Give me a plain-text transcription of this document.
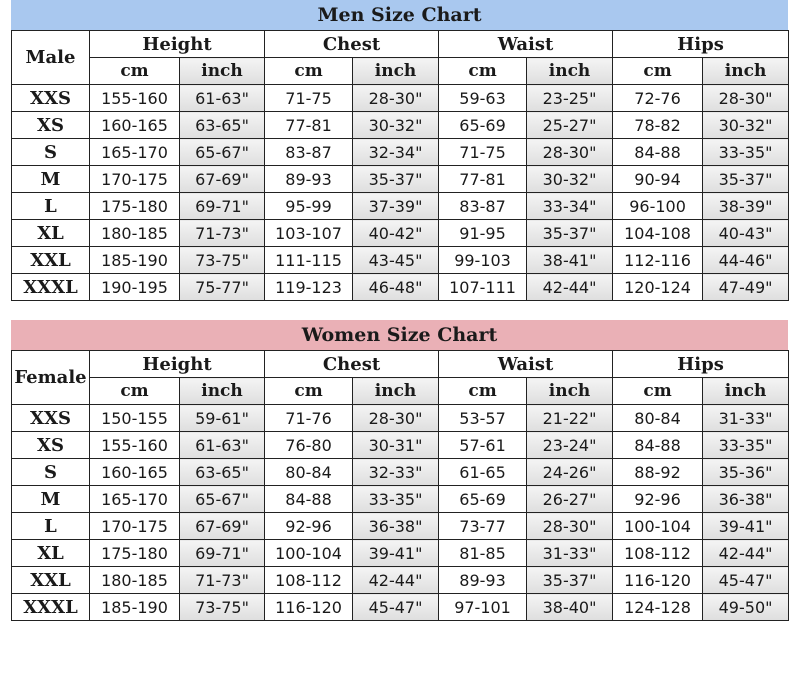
Men Size Chart
Male	Height		Chest		Waist		Hips	
	cm	inch	cm	inch	cm	inch	cm	inch
XXS	155-160	61-63"	71-75	28-30"	59-63	23-25"	72-76	28-30"
XS	160-165	63-65"	77-81	30-32"	65-69	25-27"	78-82	30-32"
S	165-170	65-67"	83-87	32-34"	71-75	28-30"	84-88	33-35"
M	170-175	67-69"	89-93	35-37"	77-81	30-32"	90-94	35-37"
L	175-180	69-71"	95-99	37-39"	83-87	33-34"	96-100	38-39"
XL	180-185	71-73"	103-107	40-42"	91-95	35-37"	104-108	40-43"
XXL	185-190	73-75"	111-115	43-45"	99-103	38-41"	112-116	44-46"
XXXL	190-195	75-77"	119-123	46-48"	107-111	42-44"	120-124	47-49"
Women Size Chart
Female	Height		Chest		Waist		Hips	
	cm	inch	cm	inch	cm	inch	cm	inch
XXS	150-155	59-61"	71-76	28-30"	53-57	21-22"	80-84	31-33"
XS	155-160	61-63"	76-80	30-31"	57-61	23-24"	84-88	33-35"
S	160-165	63-65"	80-84	32-33"	61-65	24-26"	88-92	35-36"
M	165-170	65-67"	84-88	33-35"	65-69	26-27"	92-96	36-38"
L	170-175	67-69"	92-96	36-38"	73-77	28-30"	100-104	39-41"
XL	175-180	69-71"	100-104	39-41"	81-85	31-33"	108-112	42-44"
XXL	180-185	71-73"	108-112	42-44"	89-93	35-37"	116-120	45-47"
XXXL	185-190	73-75"	116-120	45-47"	97-101	38-40"	124-128	49-50"
